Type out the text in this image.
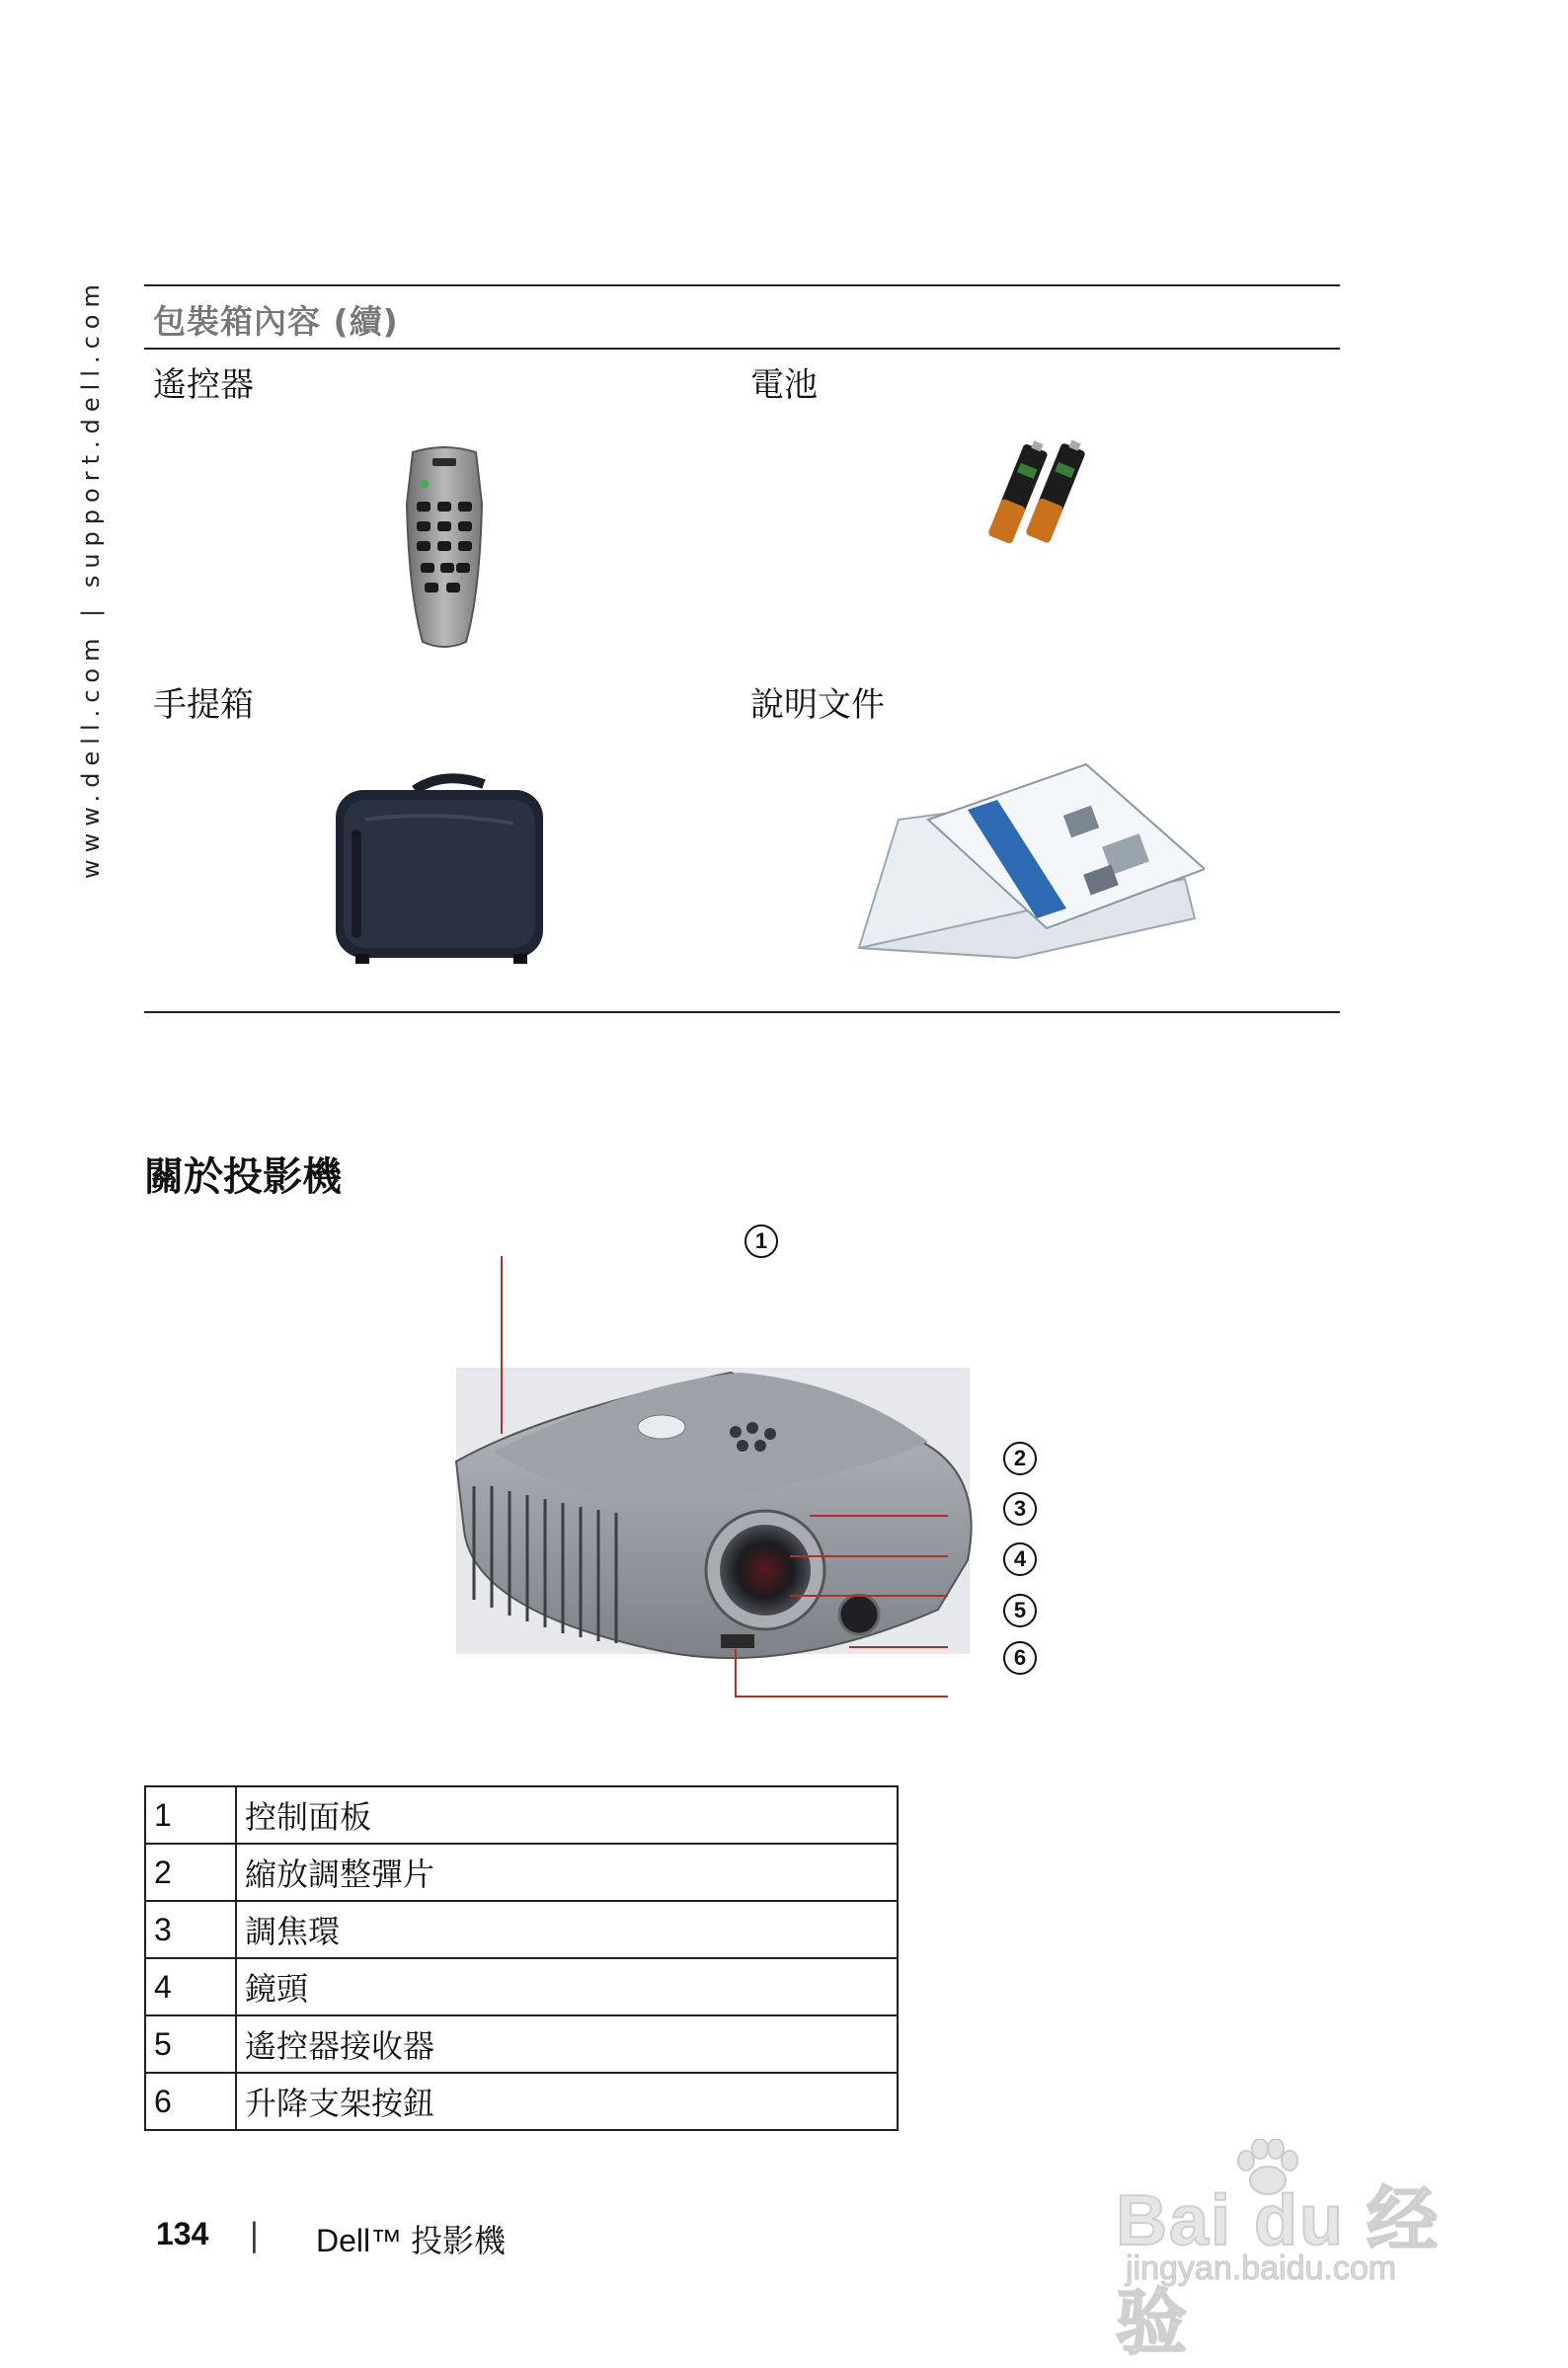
www.dell.com | support.dell.com 包裝箱內容 (續)
遙控器	電池
手提箱	說明文件
關於投影機
1
2
3
4
5
6
1	控制面板
2	縮放調整彈片
3	調焦環
4	鏡頭
5	遙控器接收器
6	升降支架按鈕
134 | Dell™ 投影機	Bai du 经验
jingyan.baidu.com
